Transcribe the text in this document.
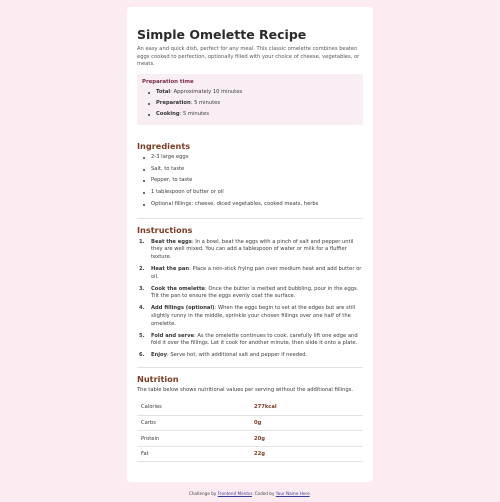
Simple Omelette Recipe

An easy and quick dish, perfect for any meal. This classic omelette combines beaten eggs cooked to perfection, optionally filled with your choice of cheese, vegetables, or meats.

Preparation time
Total: Approximately 10 minutes
Preparation: 5 minutes
Cooking: 5 minutes
Ingredients
2-3 large eggs
Salt, to taste
Pepper, to taste
1 tablespoon of butter or oil
Optional fillings: cheese, diced vegetables, cooked meats, herbs
Instructions
1. Beat the eggs: In a bowl, beat the eggs with a pinch of salt and pepper until they are well mixed. You can add a tablespoon of water or milk for a fluffier texture.
2. Heat the pan: Place a non-stick frying pan over medium heat and add butter or oil.
3. Cook the omelette: Once the butter is melted and bubbling, pour in the eggs. Tilt the pan to ensure the eggs evenly coat the surface.
4. Add fillings (optional): When the eggs begin to set at the edges but are still slightly runny in the middle, sprinkle your chosen fillings over one half of the omelette.
5. Fold and serve: As the omelette continues to cook, carefully lift one edge and fold it over the fillings. Let it cook for another minute, then slide it onto a plate.
6. Enjoy: Serve hot, with additional salt and pepper if needed.
Nutrition

The table below shows nutritional values per serving without the additional fillings.

Calories	277kcal
Carbs	0g
Protein	20g
Fat	22g
Challenge by Frontend Mentor. Coded by Your Name Here.
